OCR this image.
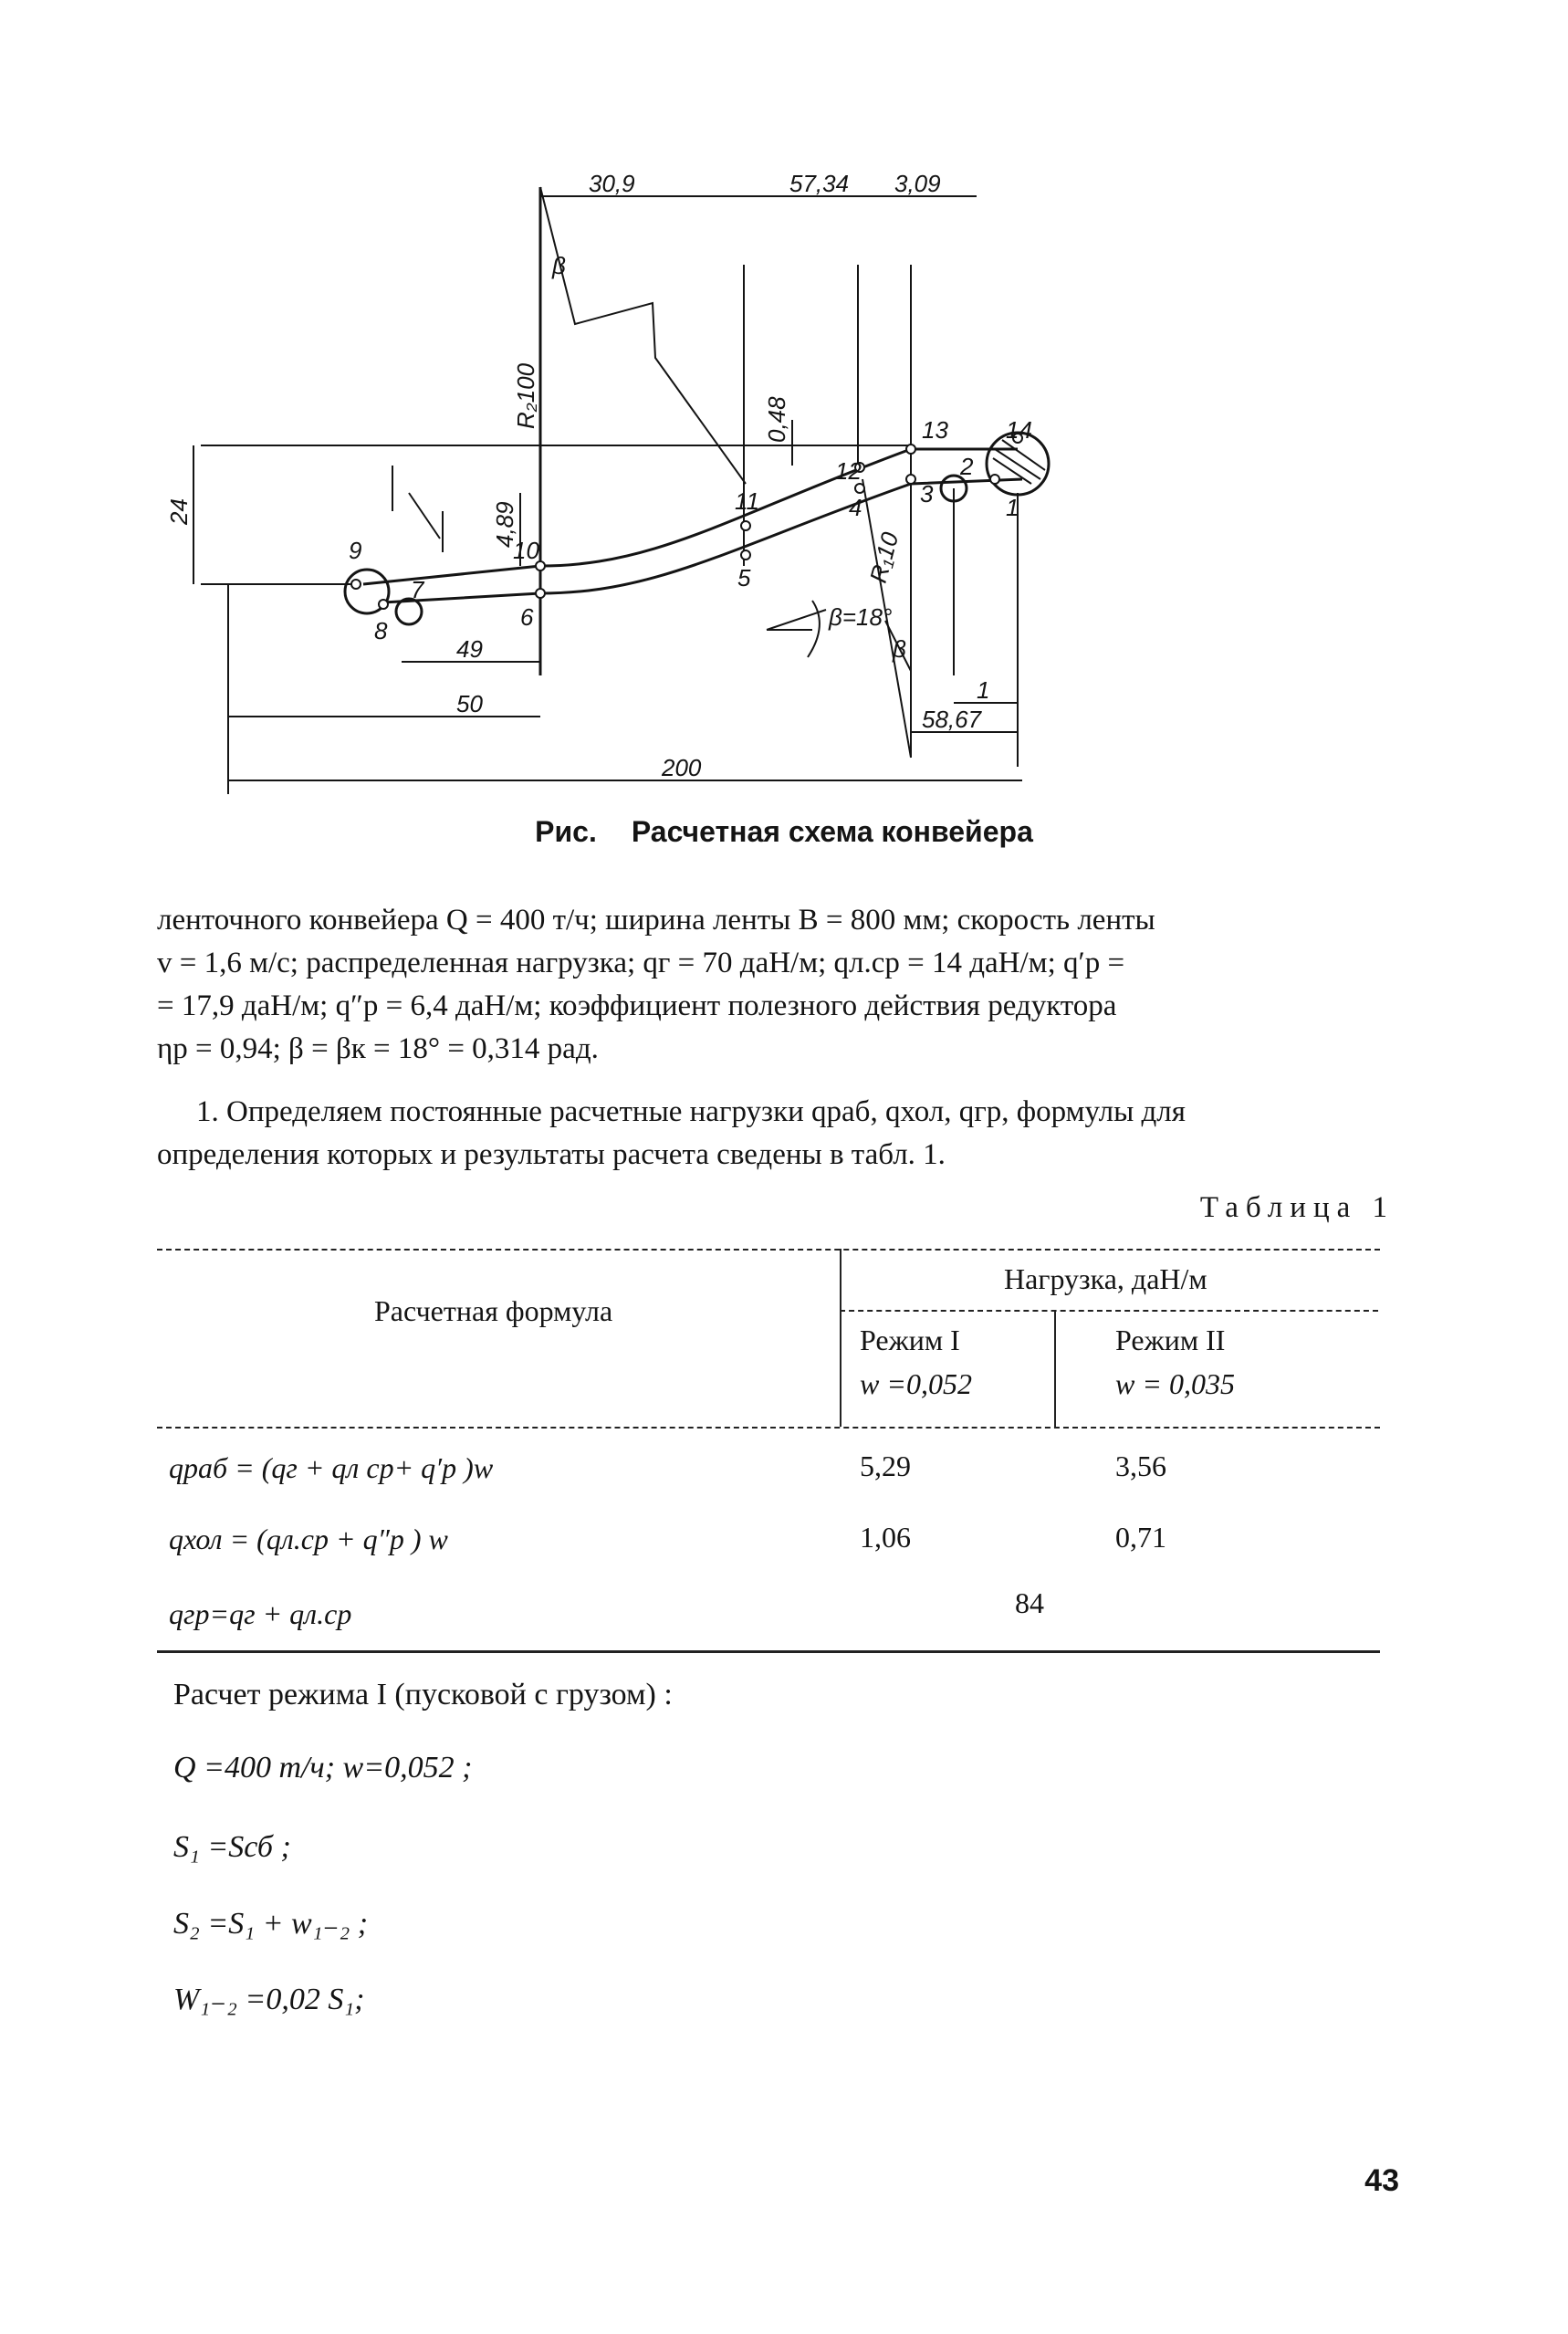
30,9	57,34 3,09
49
50
200
58,67
1
24	4,89
0,48
R₂100
R₁10
β
β
β=18°
1
2
3
4
5
6
7
8
9	10
11
12
13 14
Рис. Расчетная схема конвейера
ленточного конвейера Q = 400 т/ч; ширина ленты B = 800 мм; скорость ленты
v = 1,6 м/с; распределенная нагрузка; qг = 70 даН/м; qл.ср = 14 даН/м; q′р =
= 17,9 даН/м; q″р = 6,4 даН/м; коэффициент полезного действия редуктора
ηр = 0,94; β = βк = 18° = 0,314 рад.
1. Определяем постоянные расчетные нагрузки qраб, qхол, qгр, формулы для
определения которых и результаты расчета сведены в табл. 1.
Таблица 1
Расчетная формула
Нагрузка, даН/м
Режим I
w =0,052
Режим II
w = 0,035
qраб = (qг + qл ср+ q′р )w	5,29	3,56
qхол = (qл.ср + q″р ) w	1,06	0,71
qгр=qг + qл.ср	84
Расчет режима I (пусковой с грузом) :
Q =400 т/ч; w=0,052 ;
S₁ =Sсб ;
S₂ =S₁ + w₁₋₂ ;
W₁₋₂ =0,02 S₁;
43
